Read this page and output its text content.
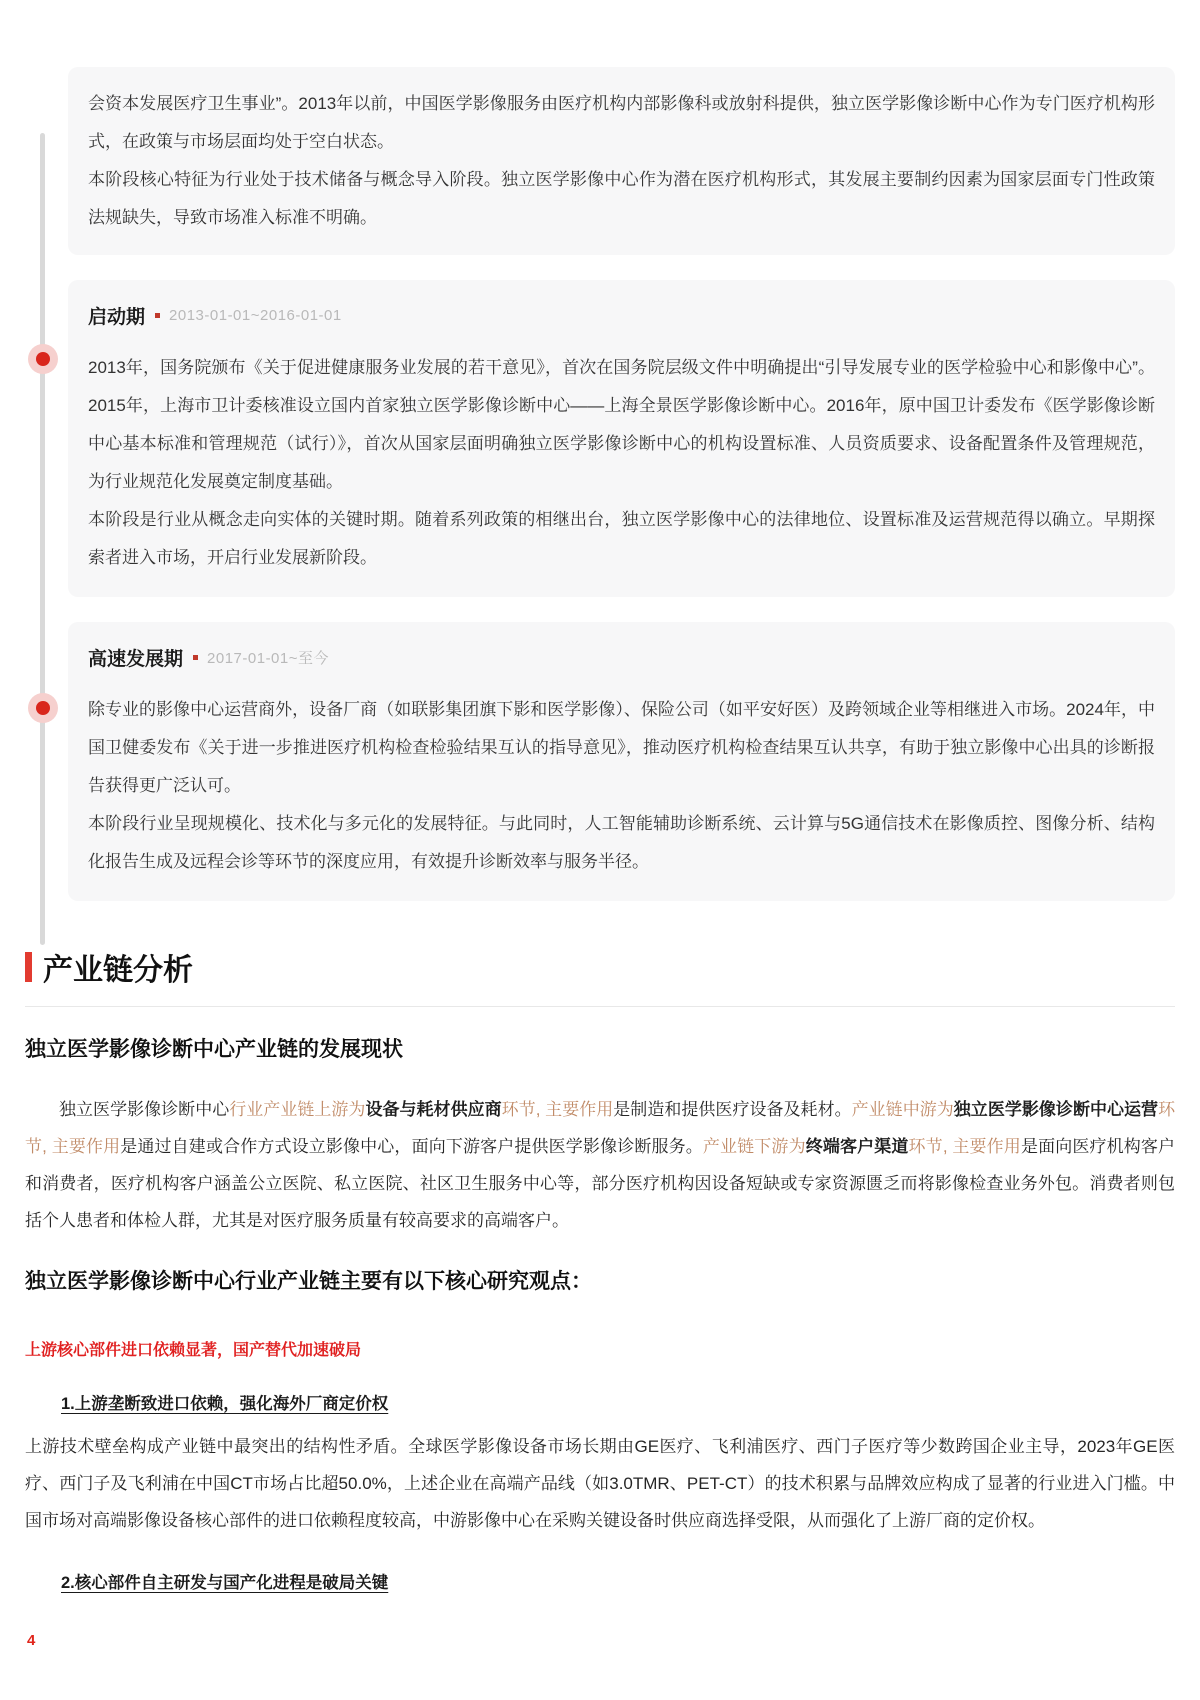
会资本发展医疗卫生事业”。2013年以前，中国医学影像服务由医疗机构内部影像科或放射科提供，独立医学影像诊断中心作为专门医疗机构形式，在政策与市场层面均处于空白状态。

本阶段核心特征为行业处于技术储备与概念导入阶段。独立医学影像中心作为潜在医疗机构形式，其发展主要制约因素为国家层面专门性政策法规缺失，导致市场准入标准不明确。

启动期 2013-01-01~2016-01-01

2013年，国务院颁布《关于促进健康服务业发展的若干意见》，首次在国务院层级文件中明确提出“引导发展专业的医学检验中心和影像中心”。2015年，上海市卫计委核准设立国内首家独立医学影像诊断中心——上海全景医学影像诊断中心。2016年，原中国卫计委发布《医学影像诊断中心基本标准和管理规范（试行）》，首次从国家层面明确独立医学影像诊断中心的机构设置标准、人员资质要求、设备配置条件及管理规范，为行业规范化发展奠定制度基础。

本阶段是行业从概念走向实体的关键时期。随着系列政策的相继出台，独立医学影像中心的法律地位、设置标准及运营规范得以确立。早期探索者进入市场，开启行业发展新阶段。

高速发展期 2017-01-01~至今

除专业的影像中心运营商外，设备厂商（如联影集团旗下影和医学影像）、保险公司（如平安好医）及跨领域企业等相继进入市场。2024年，中国卫健委发布《关于进一步推进医疗机构检查检验结果互认的指导意见》，推动医疗机构检查结果互认共享，有助于独立影像中心出具的诊断报告获得更广泛认可。

本阶段行业呈现规模化、技术化与多元化的发展特征。与此同时，人工智能辅助诊断系统、云计算与5G通信技术在影像质控、图像分析、结构化报告生成及远程会诊等环节的深度应用，有效提升诊断效率与服务半径。

产业链分析
独立医学影像诊断中心产业链的发展现状

独立医学影像诊断中心行业产业链上游为设备与耗材供应商环节, 主要作用是制造和提供医疗设备及耗材。产业链中游为独立医学影像诊断中心运营环节, 主要作用是通过自建或合作方式设立影像中心，面向下游客户提供医学影像诊断服务。产业链下游为终端客户渠道环节, 主要作用是面向医疗机构客户和消费者，医疗机构客户涵盖公立医院、私立医院、社区卫生服务中心等，部分医疗机构因设备短缺或专家资源匮乏而将影像检查业务外包。消费者则包括个人患者和体检人群，尤其是对医疗服务质量有较高要求的高端客户。

独立医学影像诊断中心行业产业链主要有以下核心研究观点：
上游核心部件进口依赖显著，国产替代加速破局
1.上游垄断致进口依赖，强化海外厂商定价权

上游技术壁垒构成产业链中最突出的结构性矛盾。全球医学影像设备市场长期由GE医疗、飞利浦医疗、西门子医疗等少数跨国企业主导，2023年GE医疗、西门子及飞利浦在中国CT市场占比超50.0%，上述企业在高端产品线（如3.0TMR、PET-CT）的技术积累与品牌效应构成了显著的行业进入门槛。中国市场对高端影像设备核心部件的进口依赖程度较高，中游影像中心在采购关键设备时供应商选择受限，从而强化了上游厂商的定价权。

2.核心部件自主研发与国产化进程是破局关键
4
